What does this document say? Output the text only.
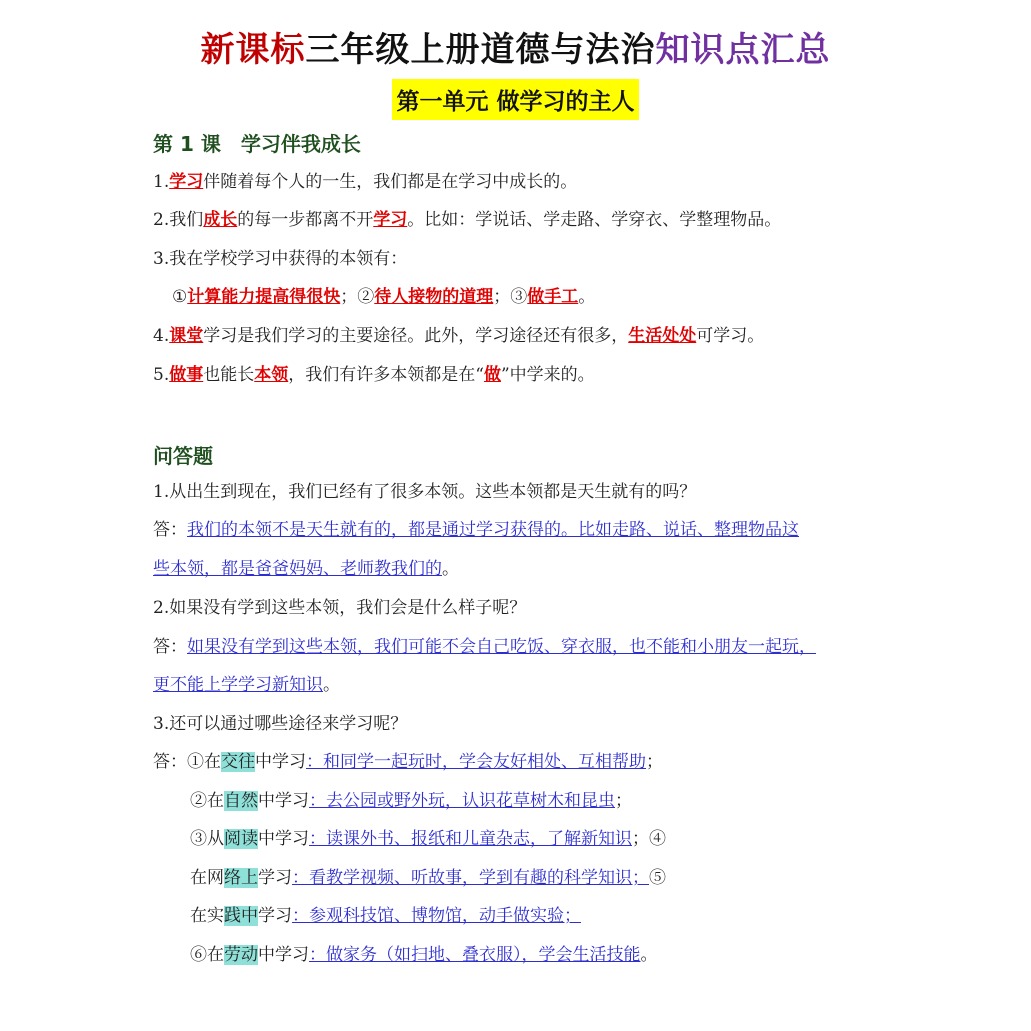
新课标三年级上册道德与法治知识点汇总
第一单元 做学习的主人
第 1 课　学习伴我成长
1.学习伴随着每个人的一生，我们都是在学习中成长的。
2.我们成长的每一步都离不开学习。比如：学说话、学走路、学穿衣、学整理物品。
3.我在学校学习中获得的本领有：
①计算能力提高得很快；②待人接物的道理；③做手工。
4.课堂学习是我们学习的主要途径。此外，学习途径还有很多，生活处处可学习。
5.做事也能长本领，我们有许多本领都是在“做”中学来的。
问答题
1.从出生到现在，我们已经有了很多本领。这些本领都是天生就有的吗？
答：我们的本领不是天生就有的，都是通过学习获得的。比如走路、说话、整理物品这
些本领，都是爸爸妈妈、老师教我们的。
2.如果没有学到这些本领，我们会是什么样子呢？
答：如果没有学到这些本领，我们可能不会自己吃饭、穿衣服，也不能和小朋友一起玩，
更不能上学学习新知识。
3.还可以通过哪些途径来学习呢？
答：①在交往中学习：和同学一起玩时，学会友好相处、互相帮助；
②在自然中学习：去公园或野外玩，认识花草树木和昆虫；
③从阅读中学习：读课外书、报纸和儿童杂志，了解新知识；④
在网络上学习：看教学视频、听故事，学到有趣的科学知识；⑤
在实践中学习：参观科技馆、博物馆，动手做实验；
⑥在劳动中学习：做家务（如扫地、叠衣服），学会生活技能。
